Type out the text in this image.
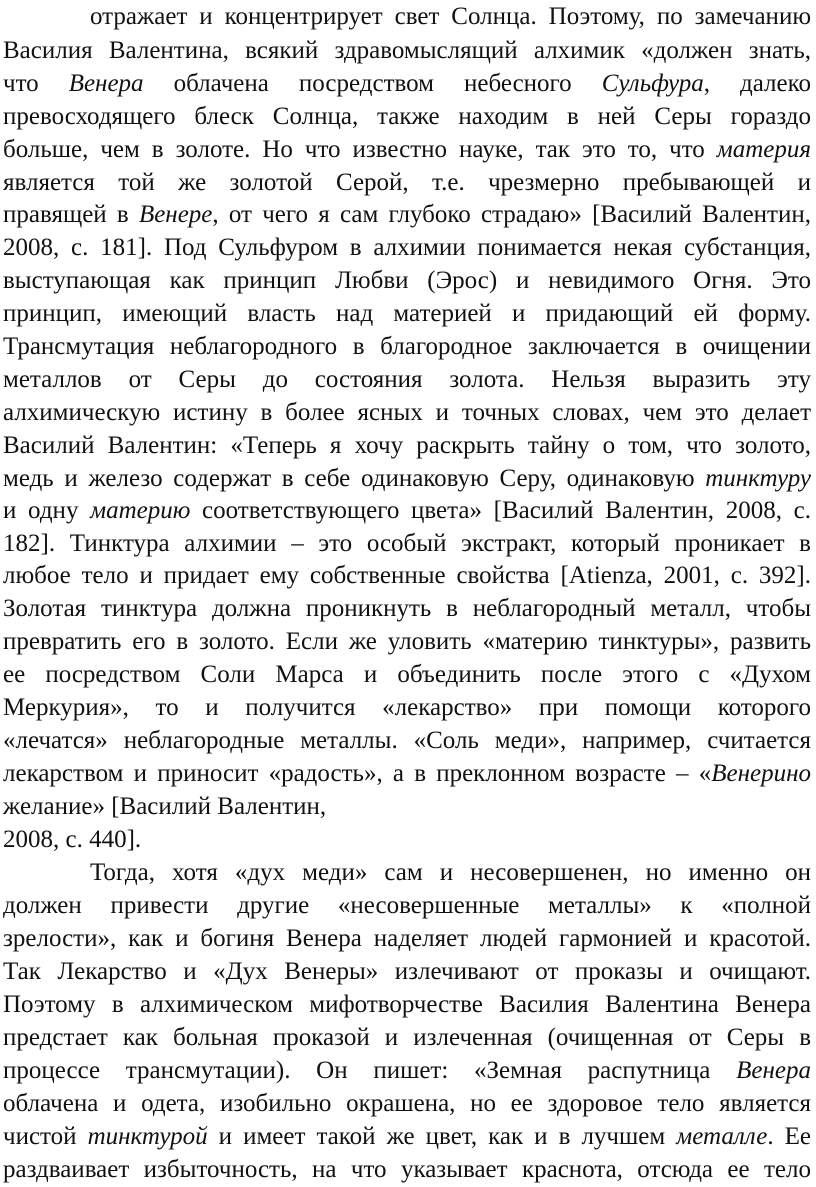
отражает и концентрирует свет Солнца. Поэтому, по замечанию
Василия Валентина, всякий здравомыслящий алхимик «должен знать,
что Венера облачена посредством небесного Сульфура, далеко
превосходящего блеск Солнца, также находим в ней Серы гораздо
больше, чем в золоте. Но что известно науке, так это то, что материя
является той же золотой Серой, т.е. чрезмерно пребывающей и
правящей в Венере, от чего я сам глубоко страдаю» [Василий Валентин,
2008, с. 181]. Под Сульфуром в алхимии понимается некая субстанция,
выступающая как принцип Любви (Эрос) и невидимого Огня. Это
принцип, имеющий власть над материей и придающий ей форму.
Трансмутация неблагородного в благородное заключается в очищении
металлов от Серы до состояния золота. Нельзя выразить эту
алхимическую истину в более ясных и точных словах, чем это делает
Василий Валентин: «Теперь я хочу раскрыть тайну о том, что золото,
медь и железо содержат в себе одинаковую Серу, одинаковую тинктуру
и одну материю соответствующего цвета» [Василий Валентин, 2008, с.
182]. Тинктура алхимии – это особый экстракт, который проникает в
любое тело и придает ему собственные свойства [Atienza, 2001, с. 392].
Золотая тинктура должна проникнуть в неблагородный металл, чтобы
превратить его в золото. Если же уловить «материю тинктуры», развить
ее посредством Соли Марса и объединить после этого с «Духом
Меркурия», то и получится «лекарство» при помощи которого
«лечатся» неблагородные металлы. «Соль меди», например, считается
лекарством и приносит «радость», а в преклонном возрасте – «Венерино
желание» [Василий Валентин,
2008, с. 440].
Тогда, хотя «дух меди» сам и несовершенен, но именно он
должен привести другие «несовершенные металлы» к «полной
зрелости», как и богиня Венера наделяет людей гармонией и красотой.
Так Лекарство и «Дух Венеры» излечивают от проказы и очищают.
Поэтому в алхимическом мифотворчестве Василия Валентина Венера
предстает как больная проказой и излеченная (очищенная от Серы в
процессе трансмутации). Он пишет: «Земная распутница Венера
облачена и одета, изобильно окрашена, но ее здоровое тело является
чистой тинктурой и имеет такой же цвет, как и в лучшем металле. Ее
раздваивает избыточность, на что указывает краснота, отсюда ее тело
